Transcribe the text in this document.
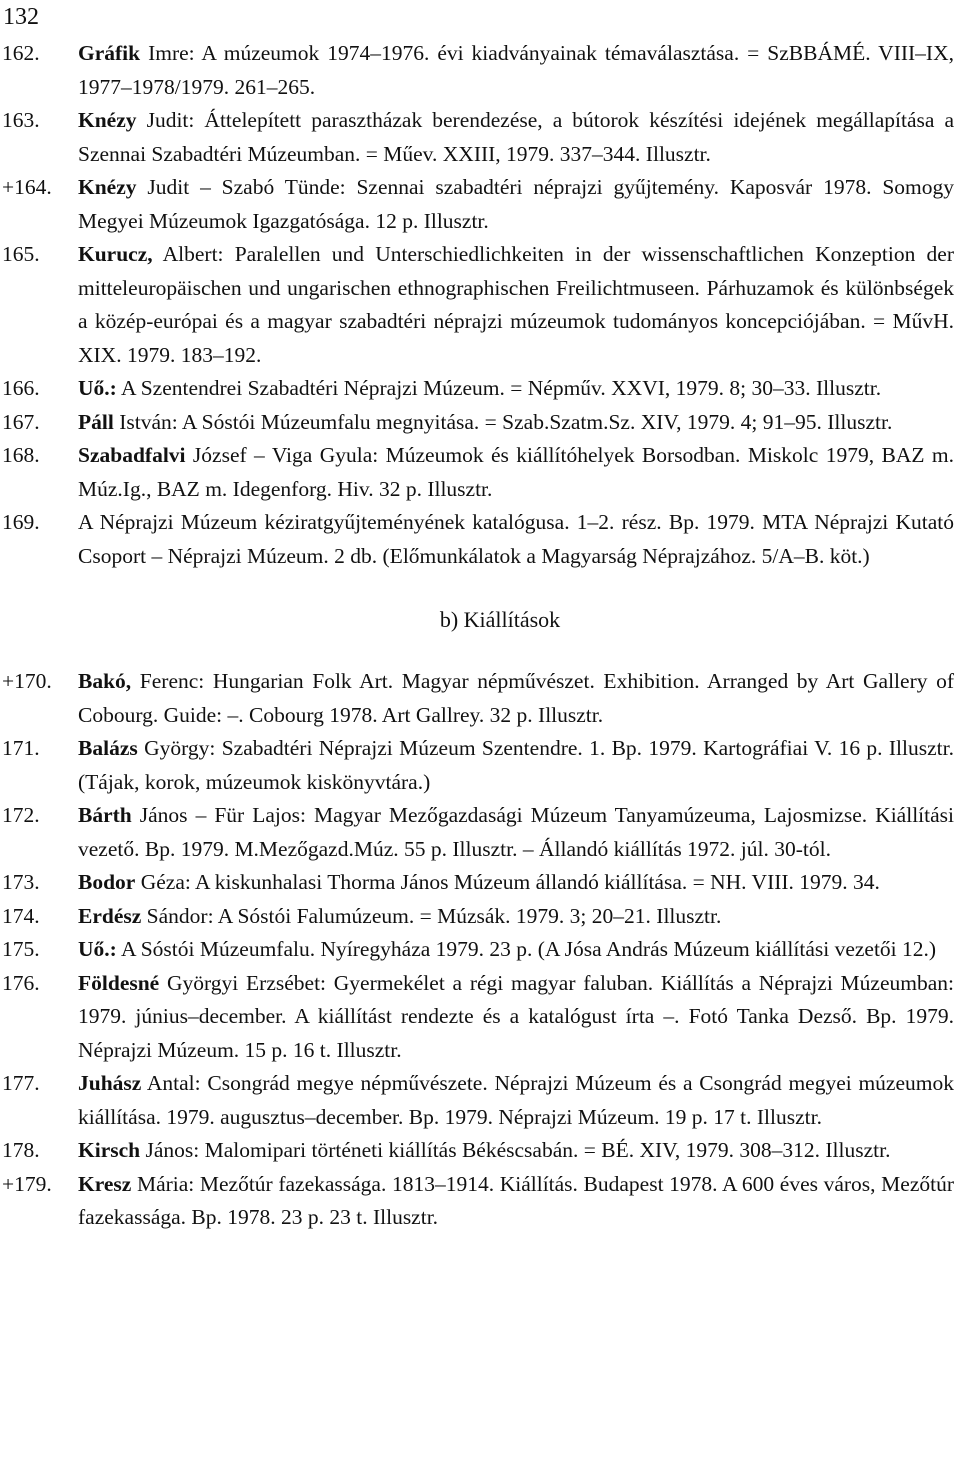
132
162.	Gráfik Imre: A múzeumok 1974–1976. évi kiadványainak témaválasztása. = SzBBÁMÉ. VIII–IX, 1977–1978/1979. 261–265.
163.	Knézy Judit: Áttelepített parasztházak berendezése, a bútorok készítési idejének megállapítása a Szennai Szabadtéri Múzeumban. = Műev. XXIII, 1979. 337–344. Illusztr.
+164.	Knézy Judit – Szabó Tünde: Szennai szabadtéri néprajzi gyűjtemény. Kaposvár 1978. Somogy Megyei Múzeumok Igazgatósága. 12 p. Illusztr.
165.	Kurucz, Albert: Paralellen und Unterschiedlichkeiten in der wissenschaftlichen Konzeption der mitteleuropäischen und ungarischen ethnographischen Freilichtmuseen. Párhuzamok és különbségek a közép-európai és a magyar szabadtéri néprajzi múzeumok tudományos koncepciójában. = MűvH. XIX. 1979. 183–192.
166.	Uő.: A Szentendrei Szabadtéri Néprajzi Múzeum. = Népműv. XXVI, 1979. 8; 30–33. Illusztr.
167.	Páll István: A Sóstói Múzeumfalu megnyitása. = Szab.Szatm.Sz. XIV, 1979. 4; 91–95. Illusztr.
168.	Szabadfalvi József – Viga Gyula: Múzeumok és kiállítóhelyek Borsodban. Miskolc 1979, BAZ m. Múz.Ig., BAZ m. Idegenforg. Hiv. 32 p. Illusztr.
169.	A Néprajzi Múzeum kéziratgyűjteményének katalógusa. 1–2. rész. Bp. 1979. MTA Néprajzi Kutató Csoport – Néprajzi Múzeum. 2 db. (Előmunkálatok a Magyarság Néprajzához. 5/A–B. köt.)
b) Kiállítások
+170.	Bakó, Ferenc: Hungarian Folk Art. Magyar népművészet. Exhibition. Arranged by Art Gallery of Cobourg. Guide: –. Cobourg 1978. Art Gallrey. 32 p. Illusztr.
171.	Balázs György: Szabadtéri Néprajzi Múzeum Szentendre. 1. Bp. 1979. Kartográfiai V. 16 p. Illusztr. (Tájak, korok, múzeumok kiskönyvtára.)
172.	Bárth János – Für Lajos: Magyar Mezőgazdasági Múzeum Tanyamúzeuma, Lajosmizse. Kiállítási vezető. Bp. 1979. M.Mezőgazd.Múz. 55 p. Illusztr. – Állandó kiállítás 1972. júl. 30-tól.
173.	Bodor Géza: A kiskunhalasi Thorma János Múzeum állandó kiállítása. = NH. VIII. 1979. 34.
174.	Erdész Sándor: A Sóstói Falumúzeum. = Múzsák. 1979. 3; 20–21. Illusztr.
175.	Uő.: A Sóstói Múzeumfalu. Nyíregyháza 1979. 23 p. (A Jósa András Múzeum kiállítási vezetői 12.)
176.	Földesné Györgyi Erzsébet: Gyermekélet a régi magyar faluban. Kiállítás a Néprajzi Múzeumban: 1979. június–december. A kiállítást rendezte és a katalógust írta –. Fotó Tanka Dezső. Bp. 1979. Néprajzi Múzeum. 15 p. 16 t. Illusztr.
177.	Juhász Antal: Csongrád megye népművészete. Néprajzi Múzeum és a Csongrád megyei múzeumok kiállítása. 1979. augusztus–december. Bp. 1979. Néprajzi Múzeum. 19 p. 17 t. Illusztr.
178.	Kirsch János: Malomipari történeti kiállítás Békéscsabán. = BÉ. XIV, 1979. 308–312. Illusztr.
+179.	Kresz Mária: Mezőtúr fazekassága. 1813–1914. Kiállítás. Budapest 1978. A 600 éves város, Mezőtúr fazekassága. Bp. 1978. 23 p. 23 t. Illusztr.
